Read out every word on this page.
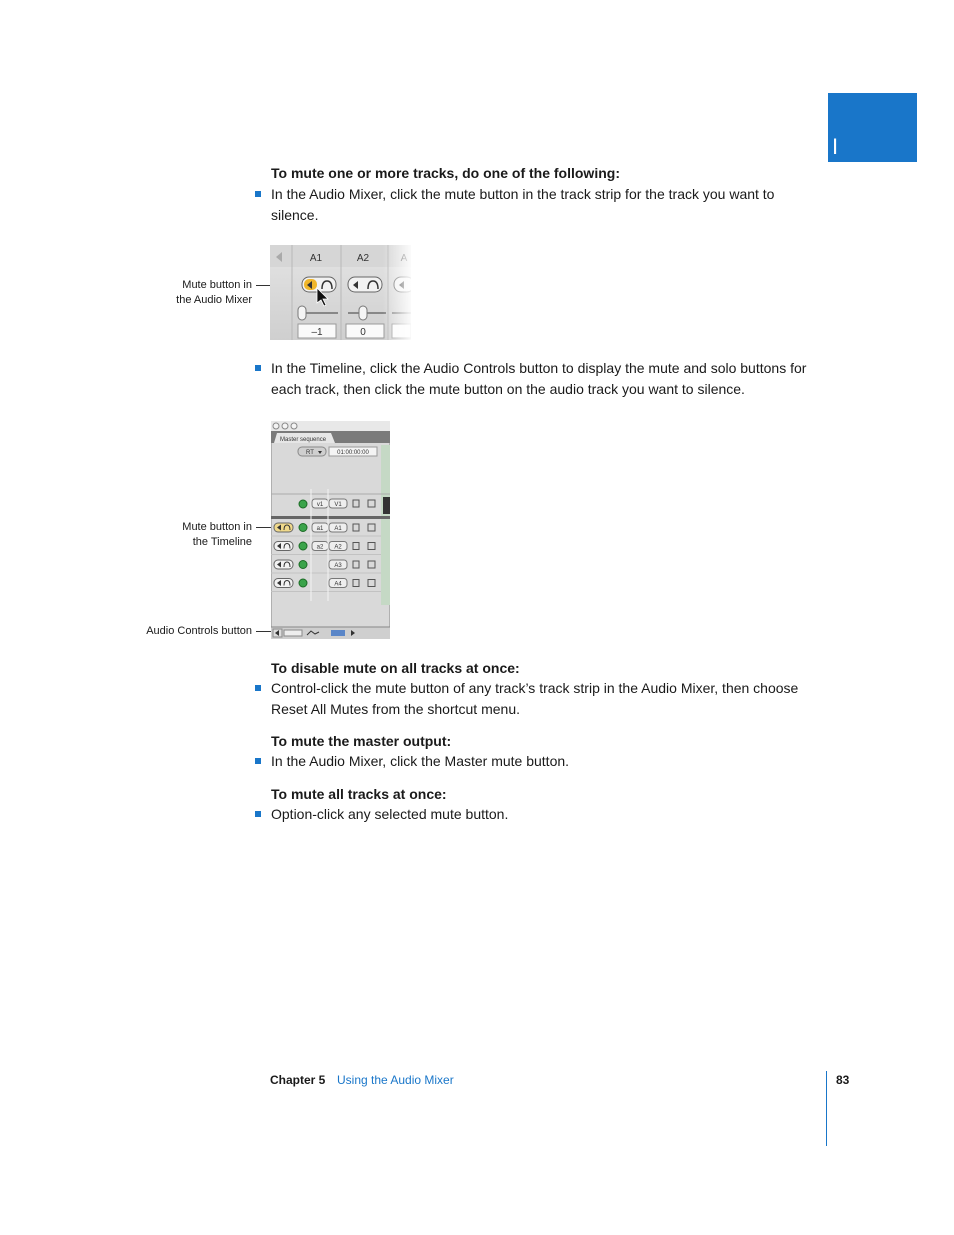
I
To mute one or more tracks, do one of the following:
In the Audio Mixer, click the mute button in the track strip for the track you want to silence.
Mute button in
the Audio Mixer
In the Timeline, click the Audio Controls button to display the mute and solo buttons for each track, then click the mute button on the audio track you want to silence.
Mute button in
the Timeline
Audio Controls button
Master sequence
RT	01:00:00:00
v1 V1
a1 A1
a2 A2
A3
A4
To disable mute on all tracks at once:
Control-click the mute button of any track’s track strip in the Audio Mixer, then choose Reset All Mutes from the shortcut menu.
To mute the master output:
In the Audio Mixer, click the Master mute button.
To mute all tracks at once:
Option-click any selected mute button.
Chapter 5 Using the Audio Mixer	83
